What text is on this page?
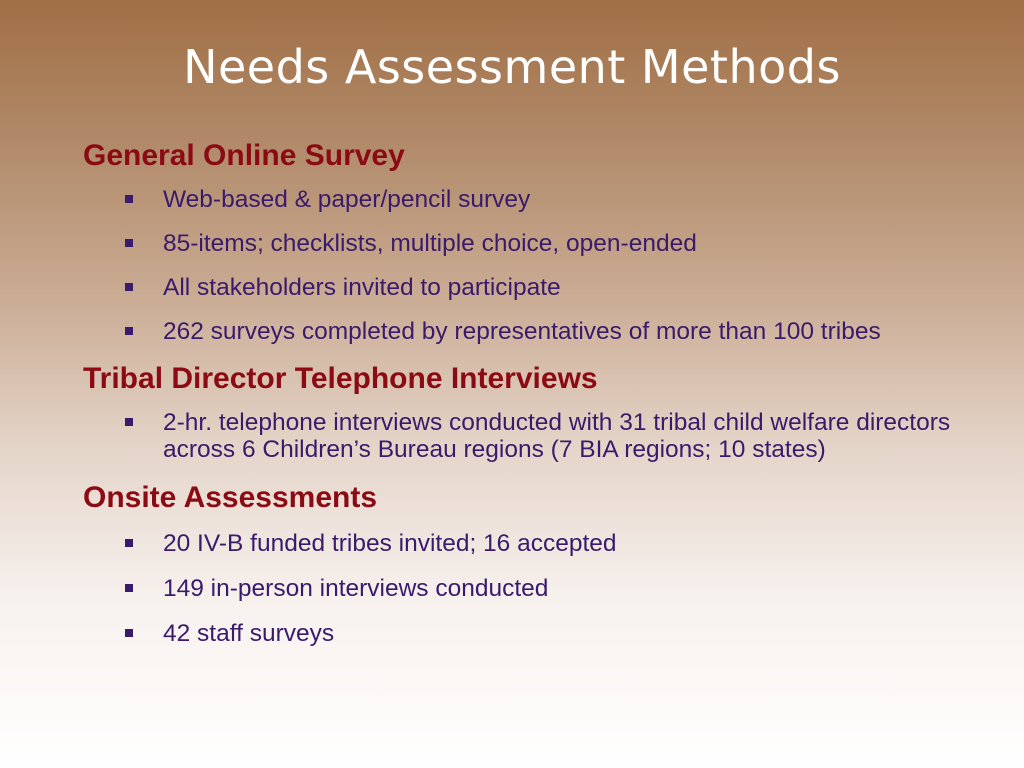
Needs Assessment Methods
General Online Survey
Web-based & paper/pencil survey
85-items; checklists, multiple choice, open-ended
All stakeholders invited to participate
262 surveys completed by representatives of more than 100 tribes
Tribal Director Telephone Interviews
2-hr. telephone interviews conducted with 31 tribal child welfare directors across 6 Children’s Bureau regions (7 BIA regions; 10 states)
Onsite Assessments
20 IV-B funded tribes invited; 16 accepted
149 in-person interviews conducted
42 staff surveys
